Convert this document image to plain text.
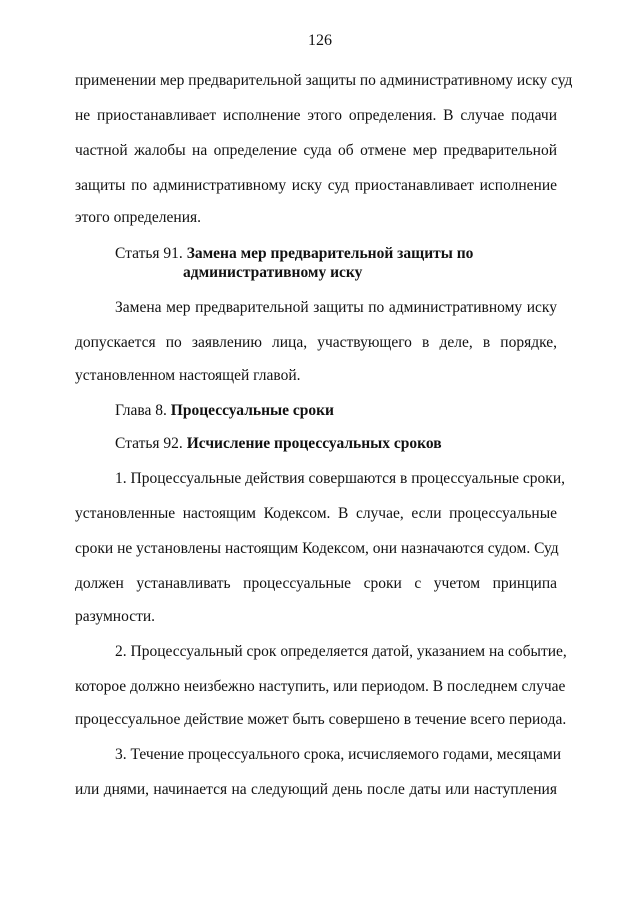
126
применении мер предварительной защиты по административному иску суд
не приостанавливает исполнение этого определения. В случае подачи
частной жалобы на определение суда об отмене мер предварительной
защиты по административному иску суд приостанавливает исполнение
этого определения.
Статья 91. Замена мер предварительной защиты по
административному иску
Замена мер предварительной защиты по административному иску
допускается по заявлению лица, участвующего в деле, в порядке,
установленном настоящей главой.
Глава 8. Процессуальные сроки
Статья 92. Исчисление процессуальных сроков
1. Процессуальные действия совершаются в процессуальные сроки,
установленные настоящим Кодексом. В случае, если процессуальные
сроки не установлены настоящим Кодексом, они назначаются судом. Суд
должен устанавливать процессуальные сроки с учетом принципа
разумности.
2. Процессуальный срок определяется датой, указанием на событие,
которое должно неизбежно наступить, или периодом. В последнем случае
процессуальное действие может быть совершено в течение всего периода.
3. Течение процессуального срока, исчисляемого годами, месяцами
или днями, начинается на следующий день после даты или наступления
